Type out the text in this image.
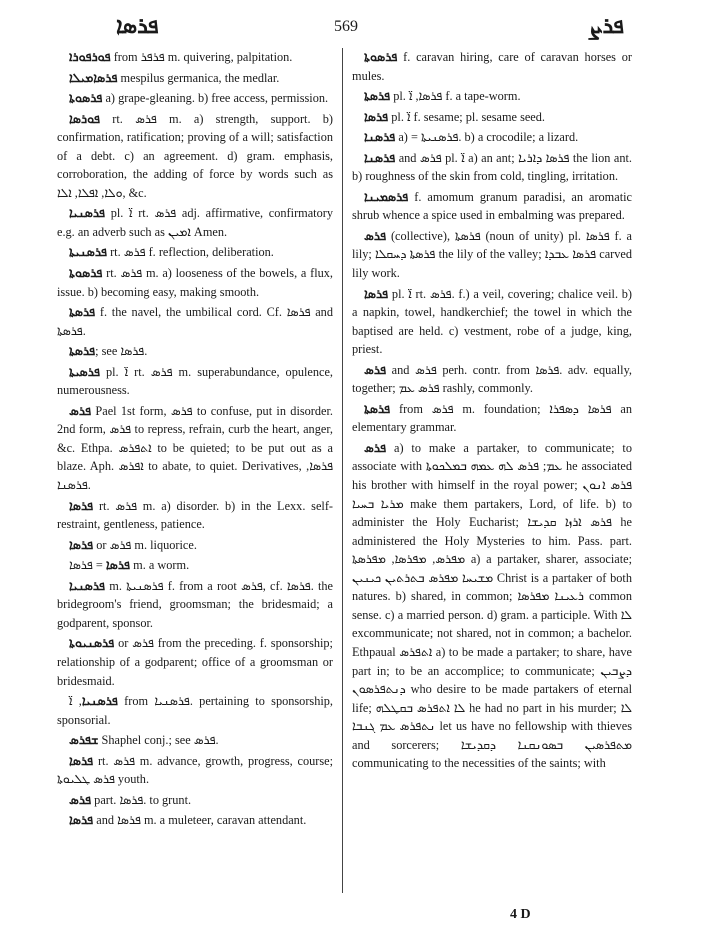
ܦܪܣܐ	569	ܦܪܨ

ܦܘܪܦܘܪܐ from ܦܪܦܪ m. quivering, palpitation.

ܦܪܣܐܡܝܠܐ mespilus germanica, the medlar.

ܦܪܣܘܬܐ a) grape-gleaning. b) free access, permission.

ܦܘܪܣܐ rt. ܦܪܣ m. a) strength, support. b) confirmation, ratification; proving of a will; satisfaction of a debt. c) an agreement. d) gram. emphasis, corroboration, the adding of force by words such as ܘܠܐ, ܐܦܠܐ, ܐܠܐ, &c.

ܦܪܣܢܝܐ pl. ܐ̈ rt. ܦܪܣ adj. affirmative, confirmatory e.g. an adverb such as ܐܡܝܢ Amen.

ܦܪܣܢܝܬܐ rt. ܦܪܣ f. reflection, deliberation.

ܦܪܣܘܬܐ rt. ܦܪܣ m. a) looseness of the bowels, a flux, issue. b) becoming easy, making smooth.

ܦܪܣܬܐ f. the navel, the umbilical cord. Cf. ܦܪܣܐ and ܦܪܣܬܐ.

ܦܪܣܬܐ; see ܦܪܣܐ.

ܦܪܣܝܬܐ pl. ܐ̈ rt. ܦܪܣ m. superabundance, opulence, numerousness.

ܦܪܣ Pael 1st form, ܦܪܣ to confuse, put in disorder. 2nd form, ܦܪܣ to repress, refrain, curb the heart, anger, &c. Ethpa. ܐܬܦܪܣ to be quieted; to be put out as a blaze. Aph. ܐܦܪܣ to abate, to quiet. Derivatives, ܦܪܣܐ, ܦܪܣܢܐ.

ܦܪܣܐ rt. ܦܪܣ m. a) disorder. b) in the Lexx. self-restraint, gentleness, patience.

ܦܪܣܐ or ܦܪܣ m. liquorice.

ܦܪܣܐ = ܦܪܣܐ m. a worm.

ܦܪܣܢܝܐ m. ܦܪܣܢܝܬܐ f. from a root ܦܪܣ, cf. ܦܪܣܐ. the bridegroom's friend, groomsman; the bridesmaid; a godparent, sponsor.

ܦܪܣܢܝܘܬܐ or ܦܪܣ from the preceding. f. sponsorship; relationship of a godparent; office of a groomsman or bridesmaid.

ܦܪܣܢܝܐ, ܐ̈ from ܦܪܣܢܝܐ. pertaining to sponsorship, sponsorial.

ܫܦܪܣ Shaphel conj.; see ܦܪܣ.

ܦܪܣܐ rt. ܦܪܣ m. advance, growth, progress, course; ܦܪܣ ܛܠܝܘܬܐ youth.

ܦܪܣ part. ܦܪܣܐ. to grunt.

ܦܪܣܐ and ܦܪܣܐ m. a muleteer, caravan attendant.

ܦܪܣܘܬܐ f. caravan hiring, care of caravan horses or mules.

ܦܪܣܬܐ pl. ܦܪܣܐ, ܐ̈ f. a tape-worm.

ܦܪܣܐ pl. ܐ̈ f. sesame; pl. sesame seed.

ܦܪܣܢܐ a) = ܦܪܣܢܝܬܐ. b) a crocodile; a lizard.

ܦܪܣܢܐ and ܦܪܣ pl. ܐ̈ a) an ant; ܦܪܣܐ ܕܐܪܝܐ the lion ant. b) roughness of the skin from cold, tingling, irritation.

ܦܪܣܡܝܢܐ f. amomum granum paradisi, an aromatic shrub whence a spice used in embalming was prepared.

ܦܪܣ (collective), ܦܪܣܬܐ (noun of unity) pl. ܦܪܣܐ f. a lily; ܦܪܣܬܐ ܕܚܩܠܐ the lily of the valley; ܦܪܣܐ ܥܒܕܐ carved lily work.

ܦܪܣܐ pl. ܐ̈ rt. ܦܪܣ. f.) a veil, covering; chalice veil. b) a napkin, towel, handkerchief; the towel in which the baptised are held. c) vestment, robe of a judge, king, priest.

ܦܪܣ and ܦܪܣ perh. contr. from ܦܪܣܐ. adv. equally, together; ܦܪܣ ܥܡ rashly, commonly.

ܦܪܣܬܐ from ܦܪܣ m. foundation; ܦܪܣܐ ܕܣܦܪܐ an elementary grammar.

ܦܪܣ a) to make a partaker, to communicate; to associate with ܥܡ; ܦܪܣ ܠܗ ܥܡܗ ܒܡܠܟܘܬܐ he associated his brother with himself in the royal power; ܦܪܣ ܐܢܘܢ ܡܪܝܐ ܒܚܝܐ make them partakers, Lord, of life. b) to administer the Holy Eucharist; ܦܪܣ ܐܪܙܐ ܩܕܝܫܐ he administered the Holy Mysteries to him. Pass. part. ܡܦܪܣ, ܡܦܪܣܐ, ܡܦܪܣܬܐ a) a partaker, sharer, associate; ܡܫܝܚܐ ܡܦܪܣ ܒܬܪܬܝܢ ܟܝܢܝܢ Christ is a partaker of both natures. b) shared, in common; ܪܥܝܢܐ ܡܦܪܣܐ common sense. c) a married person. d) gram. a participle. With ܠܐ excommunicate; not shared, not in common; a bachelor. Ethpaual ܐܬܦܪܣ a) to be made a partaker; to share, have part in; to be an accomplice; to communicate; ܕܨܒܝܢ ܕܢܬܦܪܣܘܢ who desire to be made partakers of eternal life; ܠܐ ܐܬܦܪܣ ܒܩܛܠܗ he had no part in his murder; ܠܐ ܢܬܦܪܣ ܥܡ ܓܢܒܐ let us have no fellowship with thieves and sorcerers; ܡܬܦܪܣܝܢ ܒܣܘܢܩܢܐ ܕܩܕܝܫܐ communicating to the necessities of the saints; with

4 D
